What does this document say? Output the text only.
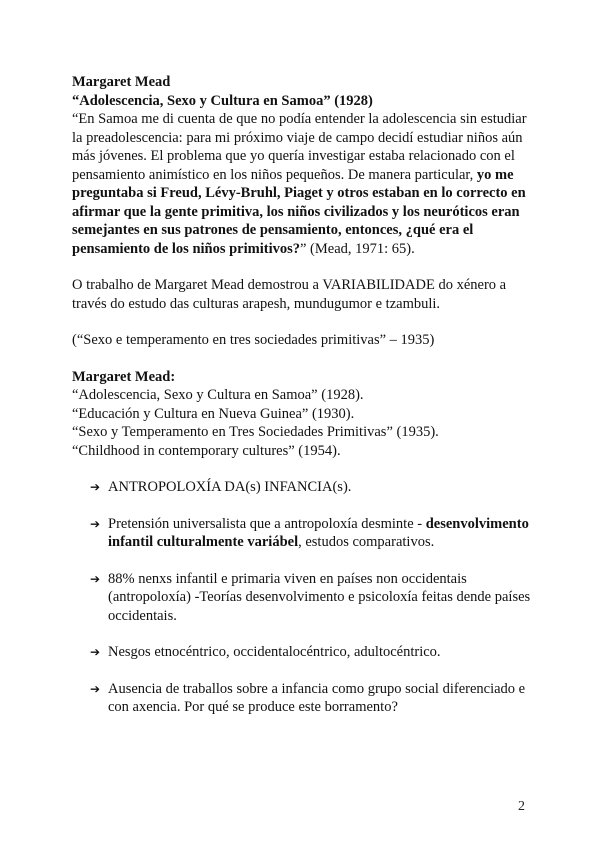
Margaret Mead
“Adolescencia, Sexo y Cultura en Samoa” (1928)
“En Samoa me di cuenta de que no podía entender la adolescencia sin estudiar la preadolescencia: para mi próximo viaje de campo decidí estudiar niños aún más jóvenes. El problema que yo quería investigar estaba relacionado con el pensamiento animístico en los niños pequeños. De manera particular, yo me preguntaba si Freud, Lévy-Bruhl, Piaget y otros estaban en lo correcto en afirmar que la gente primitiva, los niños civilizados y los neuróticos eran semejantes en sus patrones de pensamiento, entonces, ¿qué era el pensamiento de los niños primitivos?” (Mead, 1971: 65).
O trabalho de Margaret Mead demostrou a VARIABILIDADE do xénero a través do estudo das culturas arapesh, mundugumor e tzambuli.
(“Sexo e temperamento en tres sociedades primitivas” – 1935)
Margaret Mead:
“Adolescencia, Sexo y Cultura en Samoa” (1928).
“Educación y Cultura en Nueva Guinea” (1930).
“Sexo y Temperamento en Tres Sociedades Primitivas” (1935).
“Childhood in contemporary cultures” (1954).
➔ ANTROPOLOXÍA DA(s) INFANCIA(s).
➔ Pretensión universalista que a antropoloxía desminte - desenvolvimento infantil culturalmente variábel, estudos comparativos.
➔ 88% nenxs infantil e primaria viven en países non occidentais (antropoloxía) -Teorías desenvolvimento e psicoloxía feitas dende países occidentais.
➔ Nesgos etnocéntrico, occidentalocéntrico, adultocéntrico.
➔ Ausencia de traballos sobre a infancia como grupo social diferenciado e con axencia. Por qué se produce este borramento?
2
